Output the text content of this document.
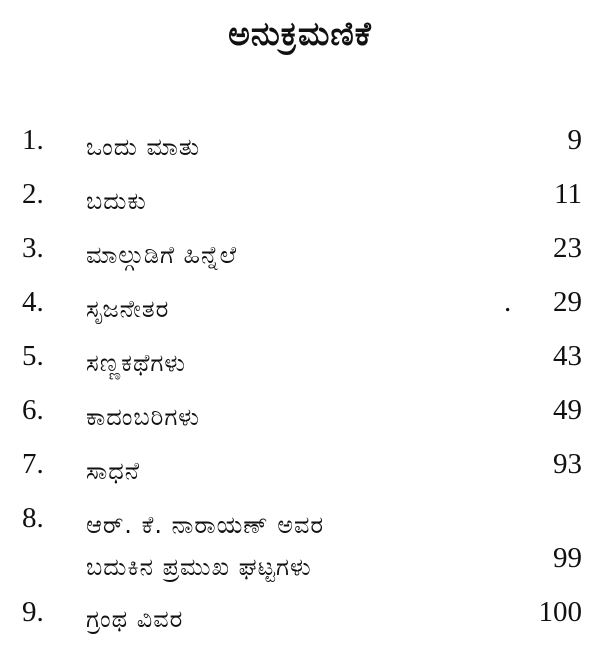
ಅನುಕ್ರಮಣಿಕೆ
1. ಒಂದು ಮಾತು	9
2. ಬದುಕು	11
3. ಮಾಲ್ಗುಡಿಗೆ ಹಿನ್ನೆಲೆ	23
4. ಸೃಜನೇತರ	. 29
5. ಸಣ್ಣಕಥೆಗಳು	43
6. ಕಾದಂಬರಿಗಳು	49
7. ಸಾಧನೆ	93
8. ಆರ್. ಕೆ. ನಾರಾಯಣ್ ಅವರ
ಬದುಕಿನ ಪ್ರಮುಖ ಘಟ್ಟಗಳು	99
9. ಗ್ರಂಥ ವಿವರ	100
